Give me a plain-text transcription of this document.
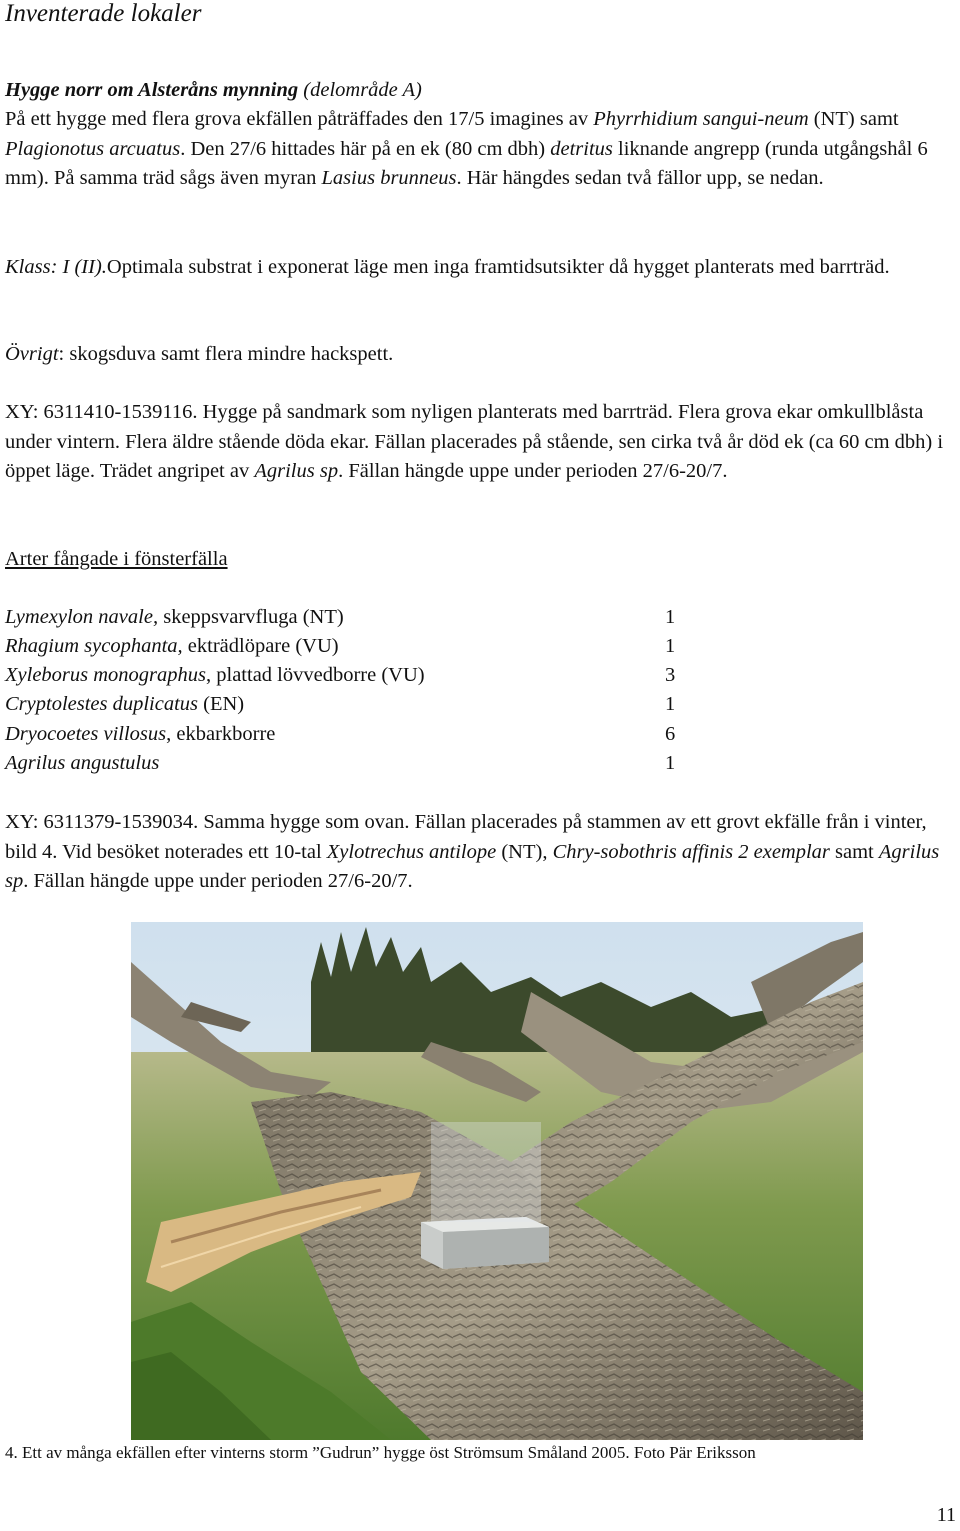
Inventerade lokaler

Hygge norr om Alsteråns mynning (delområde A)

På ett hygge med flera grova ekfällen påträffades den 17/5 imagines av Phyrrhidium sangui-neum (NT) samt Plagionotus arcuatus. Den 27/6 hittades här på en ek (80 cm dbh) detritus liknande angrepp (runda utgångshål 6 mm). På samma träd sågs även myran Lasius brunneus. Här hängdes sedan två fällor upp, se nedan.

Klass: I (II).Optimala substrat i exponerat läge men inga framtidsutsikter då hygget planterats med barrträd.

Övrigt: skogsduva samt flera mindre hackspett.

XY: 6311410-1539116. Hygge på sandmark som nyligen planterats med barrträd. Flera grova ekar omkullblåsta under vintern. Flera äldre stående döda ekar. Fällan placerades på stående, sen cirka två år död ek (ca 60 cm dbh) i öppet läge. Trädet angripet av Agrilus sp. Fällan hängde uppe under perioden 27/6-20/7.

Arter fångade i fönsterfälla

Lymexylon navale, skeppsvarvfluga (NT)	1
Rhagium sycophanta, ekträdlöpare (VU)	1
Xyleborus monographus, plattad lövvedborre (VU)	3
Cryptolestes duplicatus (EN)	1
Dryocoetes villosus, ekbarkborre	6
Agrilus angustulus	1

XY: 6311379-1539034. Samma hygge som ovan. Fällan placerades på stammen av ett grovt ekfälle från i vinter, bild 4. Vid besöket noterades ett 10-tal Xylotrechus antilope (NT), Chry-sobothris affinis 2 exemplar samt Agrilus sp. Fällan hängde uppe under perioden 27/6-20/7.

4. Ett av många ekfällen efter vinterns storm ”Gudrun” hygge öst Strömsum Småland 2005. Foto Pär Eriksson
11
